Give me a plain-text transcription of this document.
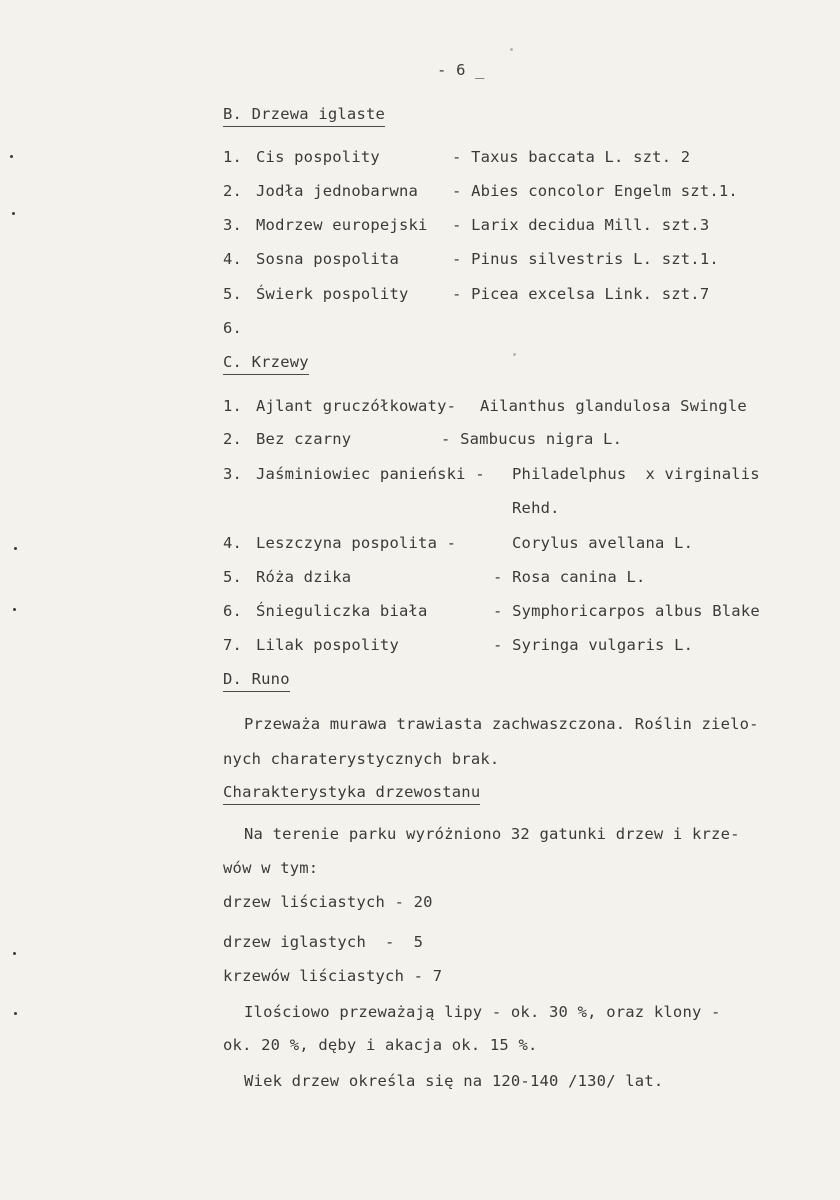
- 6 _
B. Drzewa iglaste
1. Cis pospolity	- Taxus baccata L. szt. 2
2. Jodła jednobarwna - Abies concolor Engelm szt.1.
3. Modrzew europejski - Larix decidua Mill. szt.3
4. Sosna pospolita	- Pinus silvestris L. szt.1.
5. Świerk pospolity	- Picea excelsa Link. szt.7
6.
C. Krzewy
1. Ajlant gruczółkowaty- Ailanthus glandulosa Swingle
2. Bez czarny	- Sambucus nigra L.
3. Jaśminiowiec panieński - Philadelphus  x virginalis
Rehd.
4. Leszczyna pospolita -	Corylus avellana L.
5. Róża dzika	- Rosa canina L.
6. Śnieguliczka biała	- Symphoricarpos albus Blake
7. Lilak pospolity	- Syringa vulgaris L.
D. Runo
Przeważa murawa trawiasta zachwaszczona. Roślin zielo-
nych charaterystycznych brak.
Charakterystyka drzewostanu
Na terenie parku wyróżniono 32 gatunki drzew i krze-
wów w tym:
drzew liściastych - 20
drzew iglastych  -  5
krzewów liściastych - 7
Ilościowo przeważają lipy - ok. 30 %, oraz klony -
ok. 20 %, dęby i akacja ok. 15 %.
Wiek drzew określa się na 120-140 /130/ lat.
